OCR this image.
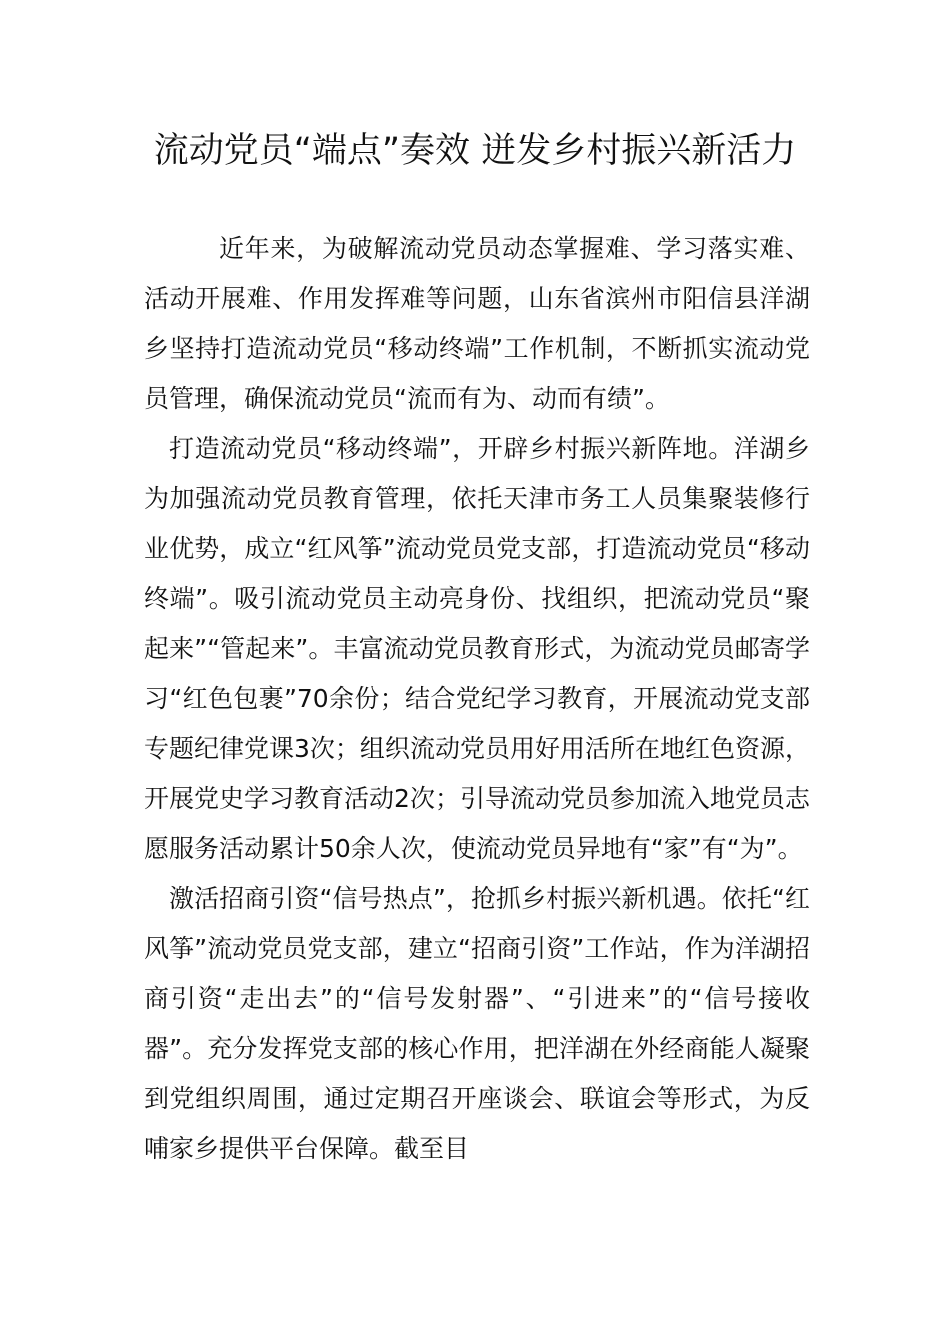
流动党员“端点”奏效 迸发乡村振兴新活力

近年来，为破解流动党员动态掌握难、学习落实难、活动开展难、作用发挥难等问题，山东省滨州市阳信县洋湖乡坚持打造流动党员“移动终端”工作机制，不断抓实流动党员管理，确保流动党员“流而有为、动而有绩”。

打造流动党员“移动终端”，开辟乡村振兴新阵地。洋湖乡为加强流动党员教育管理，依托天津市务工人员集聚装修行业优势，成立“红风筝”流动党员党支部，打造流动党员“移动终端”。吸引流动党员主动亮身份、找组织，把流动党员“聚起来”“管起来”。丰富流动党员教育形式，为流动党员邮寄学习“红色包裹”70余份；结合党纪学习教育，开展流动党支部专题纪律党课3次；组织流动党员用好用活所在地红色资源，开展党史学习教育活动2次；引导流动党员参加流入地党员志愿服务活动累计50余人次，使流动党员异地有“家”有“为”。

激活招商引资“信号热点”，抢抓乡村振兴新机遇。依托“红风筝”流动党员党支部，建立“招商引资”工作站，作为洋湖招商引资“走出去”的“信号发射器”、“引进来”的“信号接收器”。充分发挥党支部的核心作用，把洋湖在外经商能人凝聚到党组织周围，通过定期召开座谈会、联谊会等形式，为反哺家乡提供平台保障。截至目
